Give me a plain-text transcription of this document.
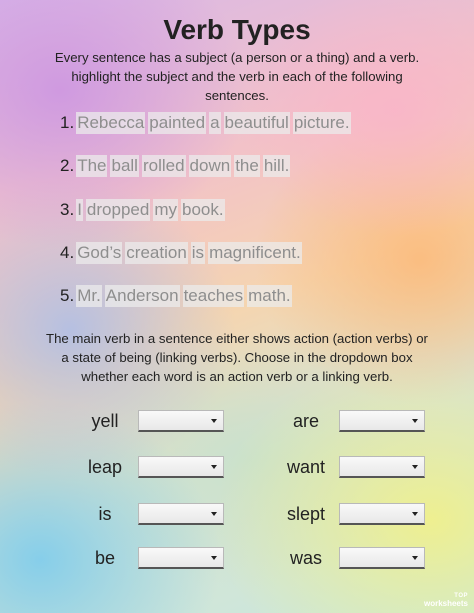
Verb Types
Every sentence has a subject (a person or a thing) and a verb. highlight the subject and the verb in each of the following sentences.
1. Rebecca painted a beautiful picture.
2. The ball rolled down the hill.
3. I dropped my book.
4. God’s creation is magnificent.
5. Mr. Anderson teaches math.
The main verb in a sentence either shows action (action verbs) or a state of being (linking verbs). Choose in the dropdown box whether each word is an action verb or a linking verb.
yell	are
leap	want
is	slept
be	was
TOP
worksheets
